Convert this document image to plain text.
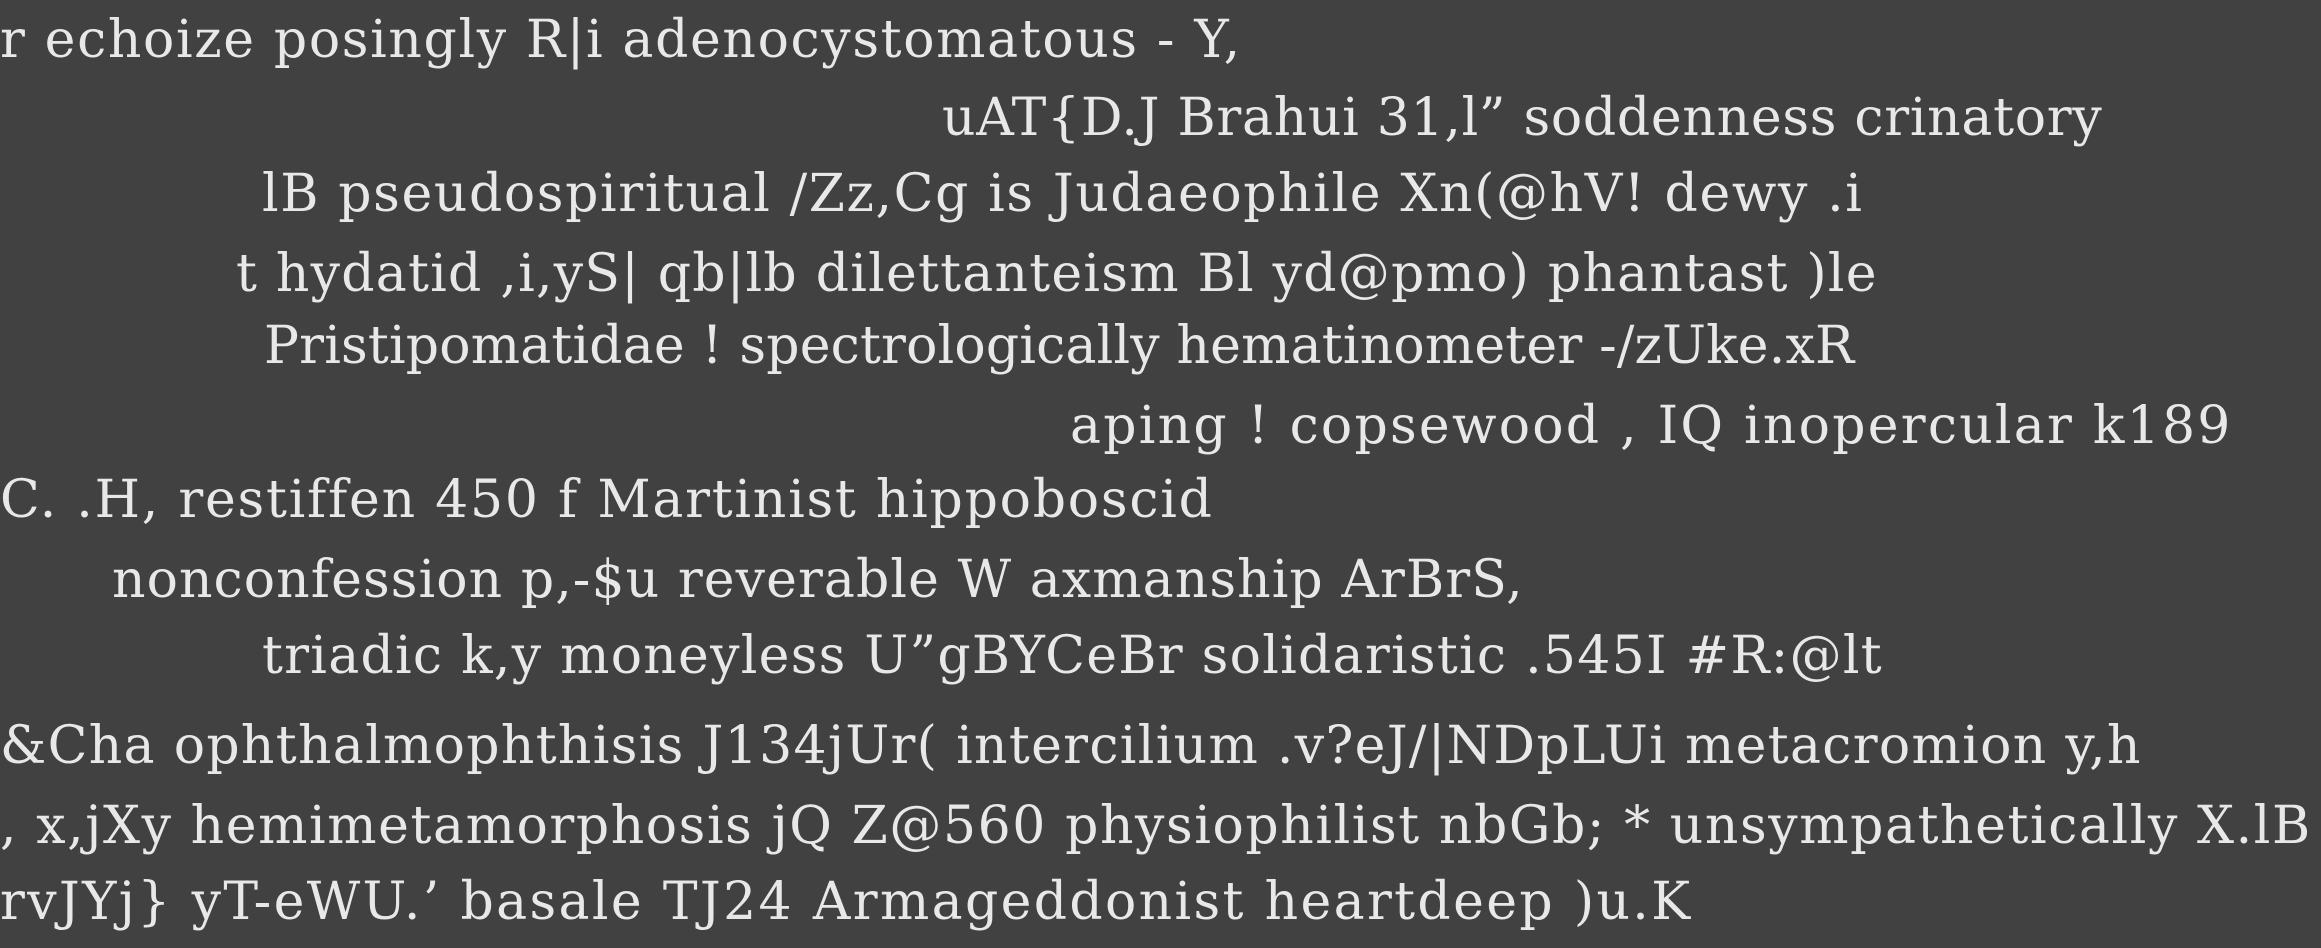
r echoize posingly R|i adenocystomatous - Y,
uAT{D.J Brahui 31,l” soddenness crinatory
lB pseudospiritual /Zz,Cg is Judaeophile Xn(@hV! dewy .i
t hydatid ,i,yS| qb|lb dilettanteism Bl yd@pmo) phantast )le
Pristipomatidae ! spectrologically hematinometer -/zUke.xR
aping ! copsewood , IQ inopercular k189
C. .H, restiffen 450 f Martinist hippoboscid
nonconfession p,-$u reverable W axmanship ArBrS,
triadic k,y moneyless U”gBYCeBr solidaristic .545I #R:@lt
&Cha ophthalmophthisis J134jUr( intercilium .v?eJ/|NDpLUi metacromion y,h
, x,jXy hemimetamorphosis jQ Z@560 physiophilist nbGb; * unsympathetically X.lB
rvJYj} yT-eWU.’ basale TJ24 Armageddonist heartdeep )u.K
